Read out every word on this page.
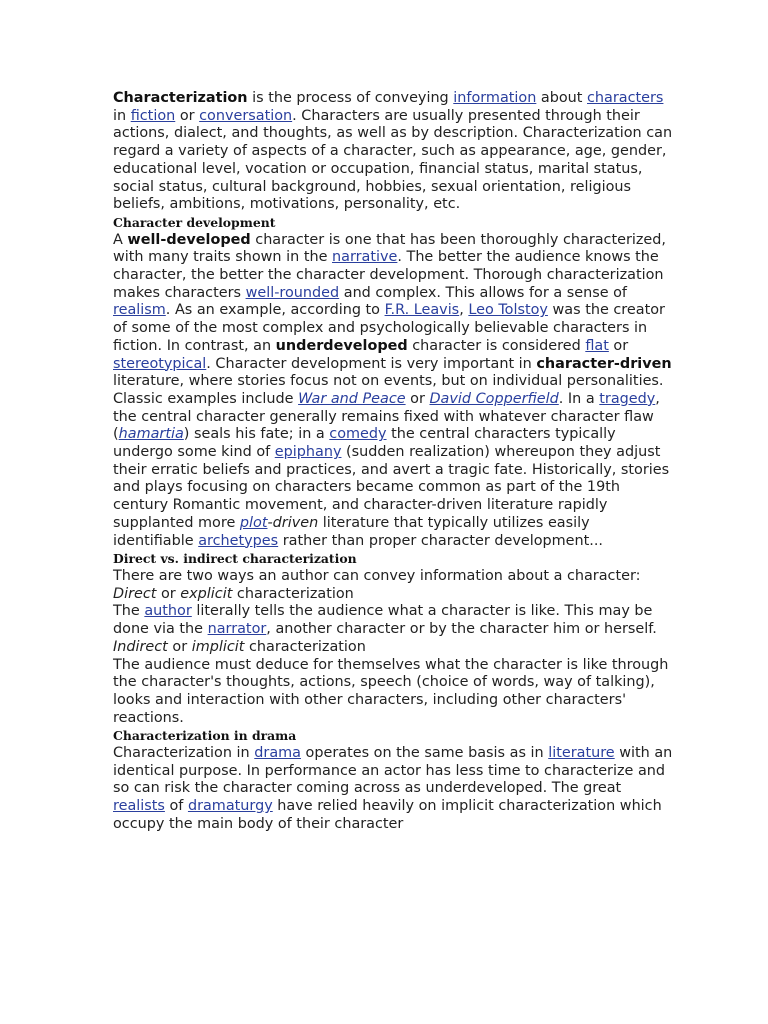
Characterization is the process of conveying information about characters in fiction or conversation. Characters are usually presented through their actions, dialect, and thoughts, as well as by description. Characterization can regard a variety of aspects of a character, such as appearance, age, gender, educational level, vocation or occupation, financial status, marital status, social status, cultural background, hobbies, sexual orientation, religious beliefs, ambitions, motivations, personality, etc.

Character development

A well-developed character is one that has been thoroughly characterized, with many traits shown in the narrative. The better the audience knows the character, the better the character development. Thorough characterization makes characters well-rounded and complex. This allows for a sense of realism. As an example, according to F.R. Leavis, Leo Tolstoy was the creator of some of the most complex and psychologically believable characters in fiction. In contrast, an underdeveloped character is considered flat or stereotypical. Character development is very important in character-driven literature, where stories focus not on events, but on individual personalities. Classic examples include War and Peace or David Copperfield. In a tragedy, the central character generally remains fixed with whatever character flaw (hamartia) seals his fate; in a comedy the central characters typically undergo some kind of epiphany (sudden realization) whereupon they adjust their erratic beliefs and practices, and avert a tragic fate. Historically, stories and plays focusing on characters became common as part of the 19th century Romantic movement, and character-driven literature rapidly supplanted more plot-driven literature that typically utilizes easily identifiable archetypes rather than proper character development...

Direct vs. indirect characterization

There are two ways an author can convey information about a character:

Direct or explicit characterization

The author literally tells the audience what a character is like. This may be done via the narrator, another character or by the character him or herself.

Indirect or implicit characterization

The audience must deduce for themselves what the character is like through the character's thoughts, actions, speech (choice of words, way of talking), looks and interaction with other characters, including other characters' reactions.

Characterization in drama

Characterization in drama operates on the same basis as in literature with an identical purpose. In performance an actor has less time to characterize and so can risk the character coming across as underdeveloped. The great realists of dramaturgy have relied heavily on implicit characterization which occupy the main body of their character
